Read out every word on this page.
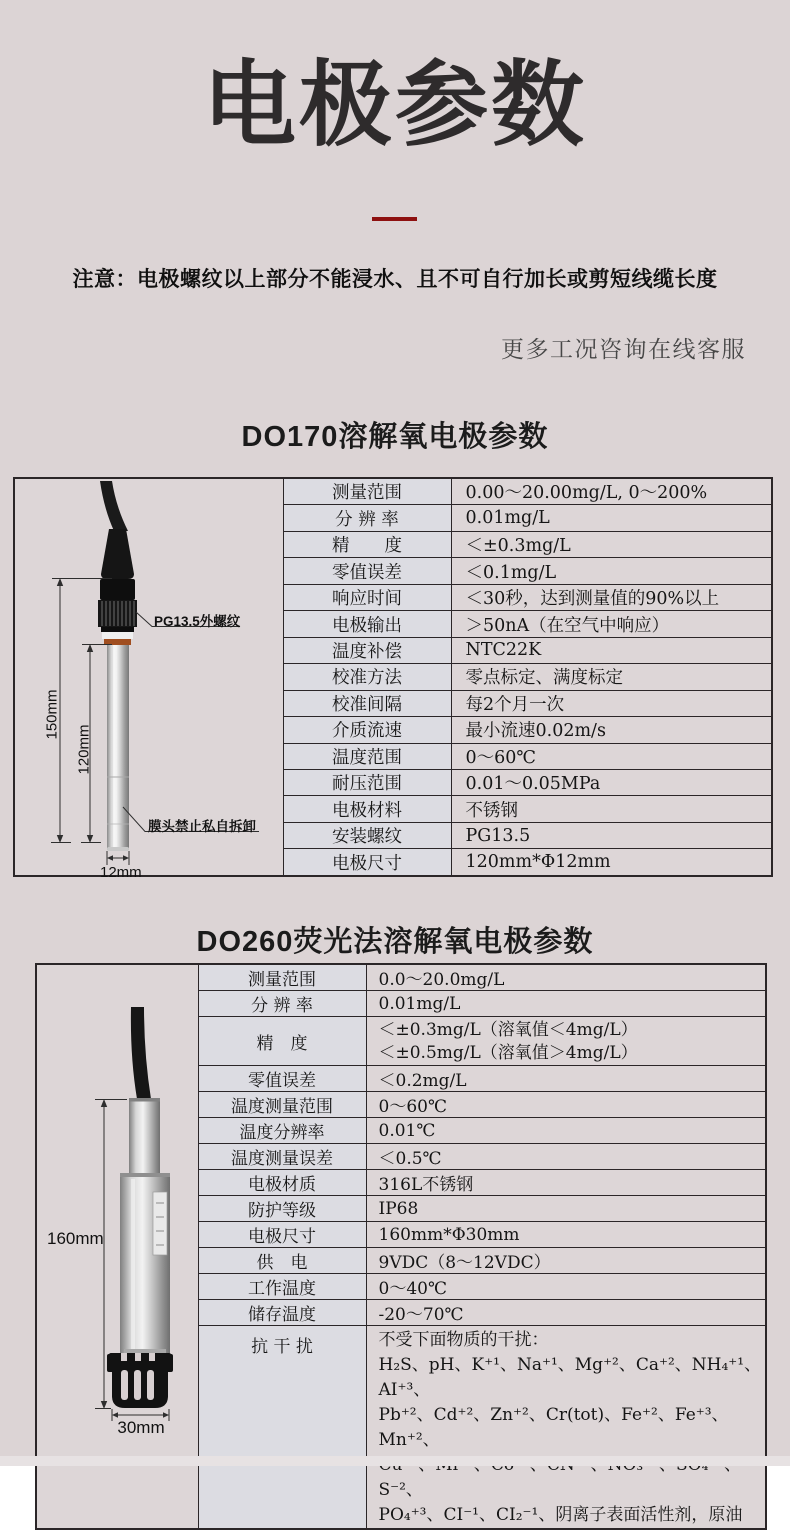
电极参数
注意：电极螺纹以上部分不能浸水、且不可自行加长或剪短线缆长度
更多工况咨询在线客服
DO170溶解氧电极参数
150mm
120mm
12mm
PG13.5外螺纹
膜头禁止私自拆卸	测量范围	0.00～20.00mg/L, 0～200%
	分 辨 率	0.01mg/L
	精　　度	＜±0.3mg/L
	零值误差	＜0.1mg/L
	响应时间	＜30秒，达到测量值的90%以上
	电极输出	＞50nA（在空气中响应）
	温度补偿	NTC22K
	校准方法	零点标定、满度标定
	校准间隔	每2个月一次
	介质流速	最小流速0.02m/s
	温度范围	0～60℃
	耐压范围	0.01～0.05MPa
	电极材料	不锈钢
	安装螺纹	PG13.5
	电极尺寸	120mm*Φ12mm
DO260荧光法溶解氧电极参数
160mm
30mm	测量范围	0.0～20.0mg/L
	分 辨 率	0.01mg/L
	精　度	＜±0.3mg/L（溶氧值＜4mg/L）
＜±0.5mg/L（溶氧值＞4mg/L）

	零值误差	＜0.2mg/L
	温度测量范围	0～60℃
	温度分辨率	0.01℃
	温度测量误差	＜0.5℃
	电极材质	316L不锈钢
	防护等级	IP68
	电极尺寸	160mm*Φ30mm
	供　电	9VDC（8～12VDC）
	工作温度	0～40℃
	储存温度	-20～70℃
	抗 干 扰	不受下面物质的干扰：
H₂S、pH、K⁺¹、Na⁺¹、Mg⁺²、Ca⁺²、NH₄⁺¹、AI⁺³、
Pb⁺²、Cd⁺²、Zn⁺²、Cr(tot)、Fe⁺²、Fe⁺³、Mn⁺²、
S⁻²、
PO₄⁺³、CI⁻¹、CI₂⁻¹、阴离子表面活性剂，原油
